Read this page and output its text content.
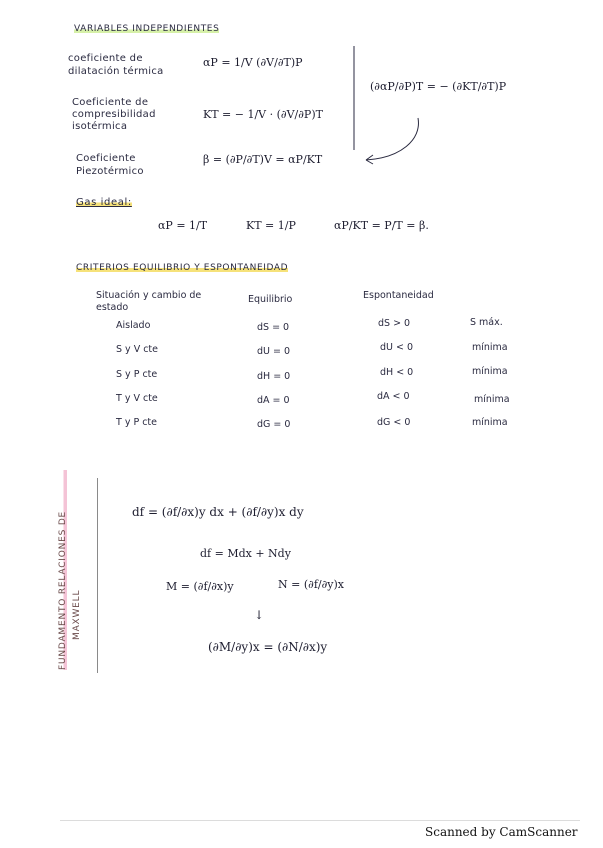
VARIABLES INDEPENDIENTES
coeficiente de
dilatación térmica
αP = 1/V (∂V/∂T)P
Coeficiente de
compresibilidad
isotérmica
KT = − 1/V · (∂V/∂P)T
Coeficiente
Piezotérmico
β = (∂P/∂T)V = αP/KT
(∂αP/∂P)T = − (∂KT/∂T)P
Gas ideal:
αP = 1/T	KT = 1/P	αP/KT = P/T = β.
CRITERIOS EQUILIBRIO Y ESPONTANEIDAD
Situación y cambio de estado
Equilibrio	Espontaneidad
Aislado	dS = 0	dS > 0	S máx.
S y V cte	dU = 0	dU < 0	mínima
S y P cte	dH = 0	dH < 0	mínima
T y V cte	dA = 0	dA < 0	mínima
T y P cte	dG = 0	dG < 0	mínima
FUNDAMENTO RELACIONES DE MAXWELL
df = (∂f/∂x)y dx + (∂f/∂y)x dy
df = Mdx + Ndy
M = (∂f/∂x)y	N = (∂f/∂y)x
↓
(∂M/∂y)x = (∂N/∂x)y
Scanned by CamScanner
